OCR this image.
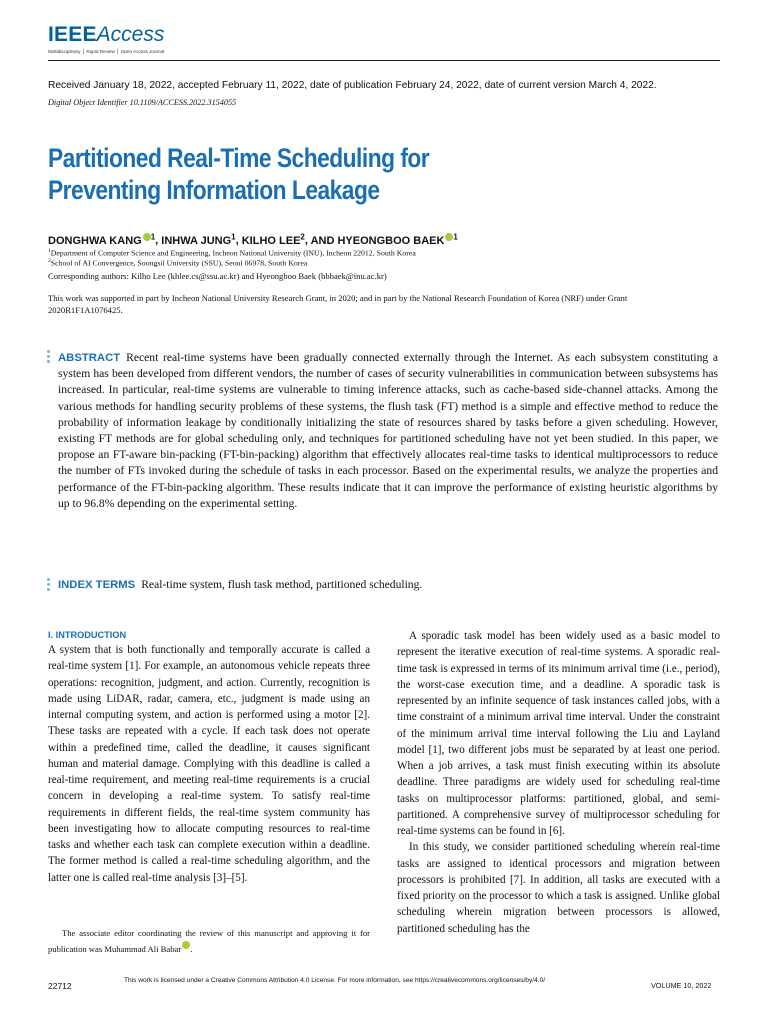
IEEEAccess
Multidisciplinary ⎪ Rapid Review ⎪ Open Access Journal
Received January 18, 2022, accepted February 11, 2022, date of publication February 24, 2022, date of current version March 4, 2022.
Digital Object Identifier 10.1109/ACCESS.2022.3154055
Partitioned Real-Time Scheduling for
Preventing Information Leakage
DONGHWA KANG $^1$, INHWA JUNG$^1$, KILHO LEE$^2$, AND HYEONGBOO BAEK $^1$
$^1$Department of Computer Science and Engineering, Incheon National University (INU), Incheon 22012, South Korea
$^2$School of AI Convergence, Soongsil University (SSU), Seoul 06978, South Korea
Corresponding authors: Kilho Lee (khlee.cs@ssu.ac.kr) and Hyeongboo Baek (hbbaek@inu.ac.kr)
This work was supported in part by Incheon National University Research Grant, in 2020; and in part by the National Research Foundation of Korea (NRF) under Grant 2020R1F1A1076425.
ABSTRACT Recent real-time systems have been gradually connected externally through the Internet. As each subsystem constituting a system has been developed from different vendors, the number of cases of security vulnerabilities in communication between subsystems has increased. In particular, real-time systems are vulnerable to timing inference attacks, such as cache-based side-channel attacks. Among the various methods for handling security problems of these systems, the flush task (FT) method is a simple and effective method to reduce the probability of information leakage by conditionally initializing the state of resources shared by tasks before a given scheduling. However, existing FT methods are for global scheduling only, and techniques for partitioned scheduling have not yet been studied. In this paper, we propose an FT-aware bin-packing (FT-bin-packing) algorithm that effectively allocates real-time tasks to identical multiprocessors to reduce the number of FTs invoked during the schedule of tasks in each processor. Based on the experimental results, we analyze the properties and performance of the FT-bin-packing algorithm. These results indicate that it can improve the performance of existing heuristic algorithms by up to 96.8% depending on the experimental setting.
INDEX TERMS Real-time system, flush task method, partitioned scheduling.
I. INTRODUCTION

A system that is both functionally and temporally accurate is called a real-time system [1]. For example, an autonomous vehicle repeats three operations: recognition, judgment, and action. Currently, recognition is made using LiDAR, radar, camera, etc., judgment is made using an internal computing system, and action is performed using a motor [2]. These tasks are repeated with a cycle. If each task does not operate within a predefined time, called the deadline, it causes significant human and material damage. Complying with this deadline is called a real-time requirement, and meeting real-time requirements is a crucial concern in developing a real-time system. To satisfy real-time requirements in different fields, the real-time system community has been investigating how to allocate computing resources to real-time tasks and whether each task can complete execution within a deadline. The former method is called a real-time scheduling algorithm, and the latter one is called real-time analysis [3]–[5].

The associate editor coordinating the review of this manuscript and approving it for publication was Muhammad Ali Babar .

A sporadic task model has been widely used as a basic model to represent the iterative execution of real-time systems. A sporadic real-time task is expressed in terms of its minimum arrival time (i.e., period), the worst-case execution time, and a deadline. A sporadic task is represented by an infinite sequence of task instances called jobs, with a time constraint of a minimum arrival time interval. Under the constraint of the minimum arrival time interval following the Liu and Layland model [1], two different jobs must be separated by at least one period. When a job arrives, a task must finish executing within its absolute deadline. Three paradigms are widely used for scheduling real-time tasks on multiprocessor platforms: partitioned, global, and semi-partitioned. A comprehensive survey of multiprocessor scheduling for real-time systems can be found in [6].

In this study, we consider partitioned scheduling wherein real-time tasks are assigned to identical processors and migration between processors is prohibited [7]. In addition, all tasks are executed with a fixed priority on the processor to which a task is assigned. Unlike global scheduling wherein migration between processors is allowed, partitioned scheduling has the

22712
This work is licensed under a Creative Commons Attribution 4.0 License. For more information, see https://creativecommons.org/licenses/by/4.0/
VOLUME 10, 2022
